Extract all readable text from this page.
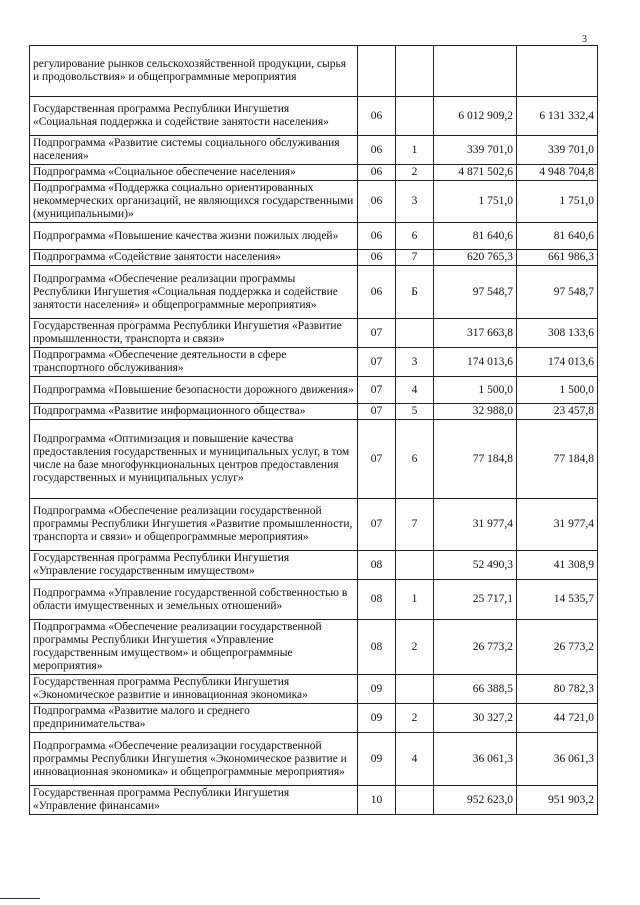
3
регулирование рынков сельскохозяйственной продукции, сырья и продовольствия» и общепрограммные мероприятия				
Государственная программа Республики Ингушетия «Социальная поддержка и содействие занятости населения»	06		6 012 909,2	6 131 332,4
Подпрограмма «Развитие системы социального обслуживания населения»	06	1	339 701,0	339 701,0
Подпрограмма «Социальное обеспечение населения»	06	2	4 871 502,6	4 948 704,8
Подпрограмма «Поддержка социально ориентированных некоммерческих организаций, не являющихся государственными (муниципальными)»	06	3	1 751,0	1 751,0
Подпрограмма «Повышение качества жизни пожилых людей»	06	6	81 640,6	81 640,6
Подпрограмма «Содействие занятости населения»	06	7	620 765,3	661 986,3
Подпрограмма «Обеспечение реализации программы Республики Ингушетия «Социальная поддержка и содействие занятости населения» и общепрограммные мероприятия»	06	Б	97 548,7	97 548,7
Государственная программа Республики Ингушетия «Развитие промышленности, транспорта и связи»	07		317 663,8	308 133,6
Подпрограмма «Обеспечение деятельности в сфере транспортного обслуживания»	07	3	174 013,6	174 013,6
Подпрограмма «Повышение безопасности дорожного движения»	07	4	1 500,0	1 500,0
Подпрограмма «Развитие информационного общества»	07	5	32 988,0	23 457,8
Подпрограмма «Оптимизация и повышение качества предоставления государственных и муниципальных услуг, в том числе на базе многофункциональных центров предоставления государственных и муниципальных услуг»	07	6	77 184,8	77 184,8
Подпрограмма «Обеспечение реализации государственной программы Республики Ингушетия «Развитие промышленности, транспорта и связи» и общепрограммные мероприятия»	07	7	31 977,4	31 977,4
Государственная программа Республики Ингушетия «Управление государственным имуществом»	08		52 490,3	41 308,9
Подпрограмма «Управление государственной собственностью в области имущественных и земельных отношений»	08	1	25 717,1	14 535,7
Подпрограмма «Обеспечение реализации государственной программы Республики Ингушетия «Управление государственным имуществом» и общепрограммные мероприятия»	08	2	26 773,2	26 773,2
Государственная программа Республики Ингушетия «Экономическое развитие и инновационная экономика»	09		66 388,5	80 782,3
Подпрограмма «Развитие малого и среднего предпринимательства»	09	2	30 327,2	44 721,0
Подпрограмма «Обеспечение реализации государственной программы Республики Ингушетия «Экономическое развитие и инновационная экономика» и общепрограммные мероприятия»	09	4	36 061,3	36 061,3
Государственная программа Республики Ингушетия «Управление финансами»	10		952 623,0	951 903,2
